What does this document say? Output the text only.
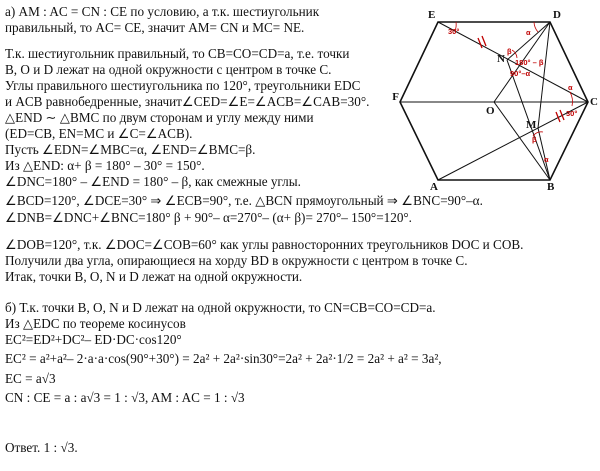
а) AM : AC = CN : CE по условию, а т.к. шестиугольник
правильный, то AC= CE, значит AM= CN и MC= NE.
Т.к. шестиугольник правильный, то CB=CO=CD=a, т.е. точки
B, O и D лежат на одной окружности с центром в точке C.
Углы правильного шестиугольника по 120°, треугольники EDC
и ACB равнобедренные, значит∠CED=∠E=∠ACB=∠CAB=30°.
△END ∼ △BMC по двум сторонам и углу между ними
(ED=CB, EN=MC и ∠C=∠ACB).
Пусть ∠EDN=∠MBC=α, ∠END=∠BMC=β.
Из △END: α+ β = 180° – 30° = 150°.
∠DNC=180° – ∠END = 180° – β, как смежные углы.
∠BCD=120°, ∠DCE=30° ⇒ ∠ECB=90°, т.е. △BCN прямоугольный ⇒ ∠BNC=90°–α.
∠DNB=∠DNC+∠BNC=180° β + 90°– α=270°– (α+ β)= 270°– 150°=120°.
∠DOB=120°, т.к. ∠DOC=∠COB=60° как углы равносторонних треугольников DOC и COB.
Получили два угла, опирающиеся на хорду BD в окружности с центром в точке C.
Итак, точки B, O, N и D лежат на одной окружности.
б) Т.к. точки B, O, N и D лежат на одной окружности, то CN=CB=CO=CD=a.
Из △EDC по теореме косинусов
EC²=ED²+DC²– ED·DC·cos120°
EC² = a²+a²– 2·a·a·cos(90°+30°) = 2a² + 2a²·sin30°=2a² + 2a²·1/2 = 2a² + a² = 3a²,
EC = a√3
CN : CE = a : a√3 = 1 : √3, AM : AC = 1 : √3
Ответ. 1 : √3.
E	D
F
O
C
A	B
N
M
30°	α
β
180° – β
90°–α
β
α
30°
α
